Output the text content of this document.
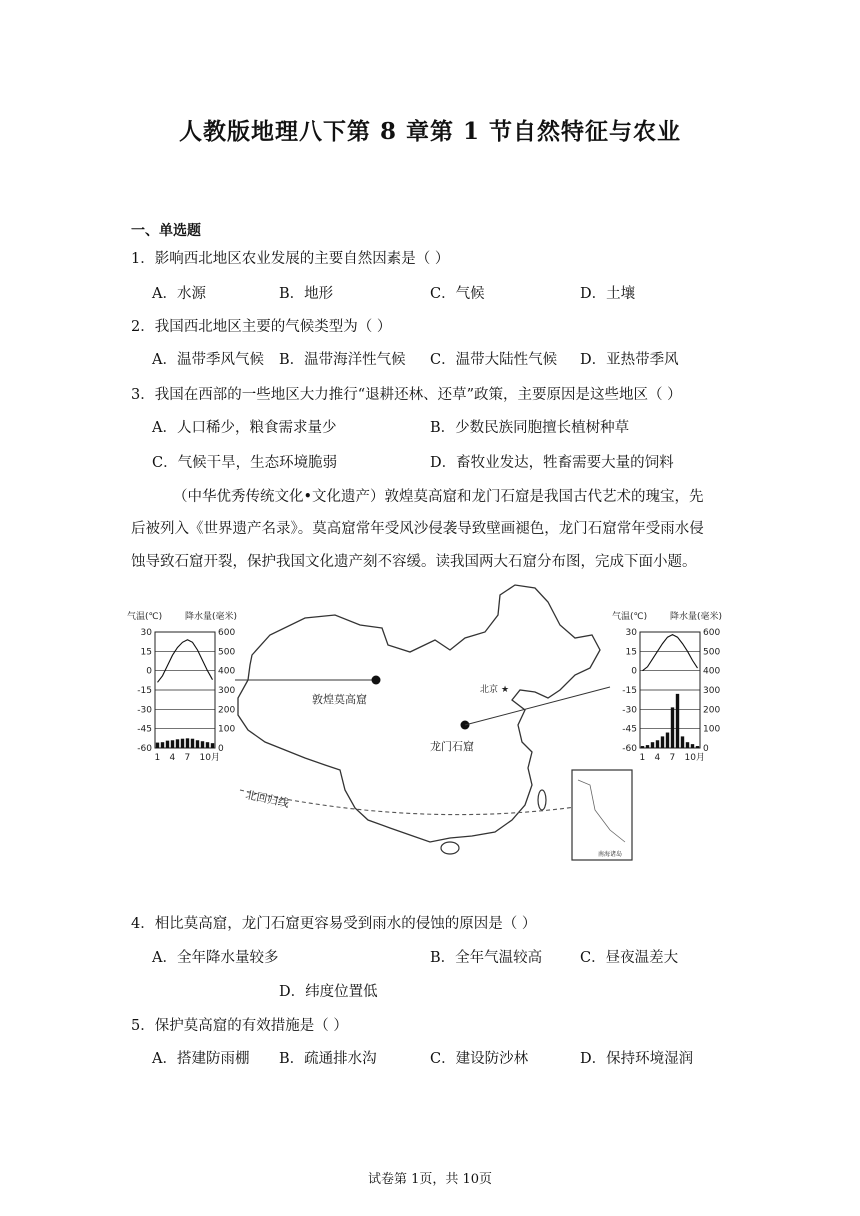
人教版地理八下第 8 章第 1 节自然特征与农业
一、单选题
1．影响西北地区农业发展的主要自然因素是（ ）
A．水源	B．地形	C．气候	D．土壤
2．我国西北地区主要的气候类型为（ ）
A．温带季风气候 B．温带海洋性气候 C．温带大陆性气候 D．亚热带季风
3．我国在西部的一些地区大力推行“退耕还林、还草”政策，主要原因是这些地区（ ）
A．人口稀少，粮食需求量少	B．少数民族同胞擅长植树种草
C．气候干旱，生态环境脆弱	D．畜牧业发达，牲畜需要大量的饲料
（中华优秀传统文化•文化遗产）敦煌莫高窟和龙门石窟是我国古代艺术的瑰宝，先
后被列入《世界遗产名录》。莫高窟常年受风沙侵袭导致壁画褪色，龙门石窟常年受雨水侵
蚀导致石窟开裂，保护我国文化遗产刻不容缓。读我国两大石窟分布图，完成下面小题。
北回归线
敦煌莫高窟
北京 ★
龙门石窟
南海诸岛
气温(℃)	降水量(毫米)
30	600
15	500
0	400
-15	300
-30	200
-45	100
-60	0
1 4 7 10月
气温(℃)	降水量(毫米)
30	600
15	500
0	400
-15	300
-30	200
-45	100
-60	0
1 4 7 10月
4．相比莫高窟，龙门石窟更容易受到雨水的侵蚀的原因是（ ）
A．全年降水量较多	B．全年气温较高	C．昼夜温差大
D．纬度位置低
5．保护莫高窟的有效措施是（ ）
A．搭建防雨棚 B．疏通排水沟	C．建设防沙林	D．保持环境湿润
试卷第 1页，共 10页
